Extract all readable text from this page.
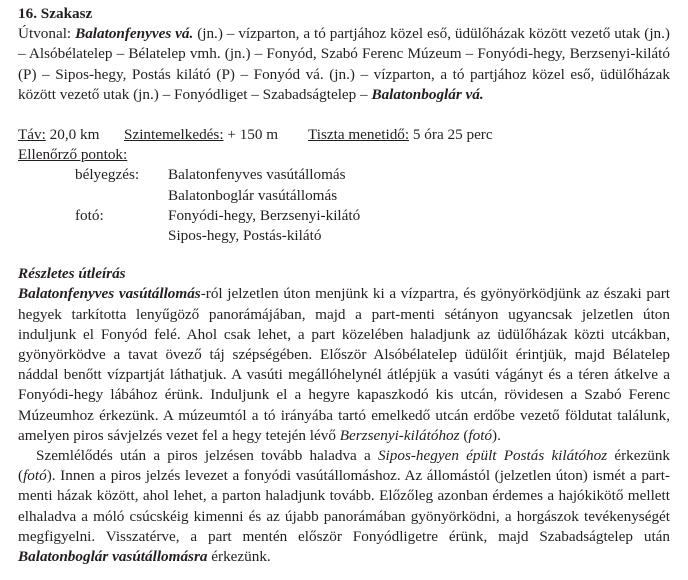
16. Szakasz

Útvonal: Balatonfenyves vá. (jn.) – vízparton, a tó partjához közel eső, üdülőházak között vezető utak (jn.) – Alsóbélatelep – Bélatelep vmh. (jn.) – Fonyód, Szabó Ferenc Múzeum – Fonyódi-hegy, Berzsenyi-kilátó (P) – Sipos-hegy, Postás kilátó (P) – Fonyód vá. (jn.) – vízparton, a tó partjához közel eső, üdülőházak között vezető utak (jn.) – Fonyódliget – Szabadságtelep – Balatonboglár vá.

Táv: 20,0 km Szintemelkedés: + 150 m Tiszta menetidő: 5 óra 25 perc

Ellenőrző pontok:

bélyegzés:	Balatonfenyves vasútállomás
Balatonboglár vasútállomás
fotó:	Fonyódi-hegy, Berzsenyi-kilátó
Sipos-hegy, Postás-kilátó

Részletes útleírás

Balatonfenyves vasútállomás-ról jelzetlen úton menjünk ki a vízpartra, és gyönyörködjünk az északi part hegyek tarkította lenyűgöző panorámájában, majd a part-menti sétányon ugyancsak jelzetlen úton induljunk el Fonyód felé. Ahol csak lehet, a part közelében haladjunk az üdülőházak közti utcákban, gyönyörködve a tavat övező táj szépségében. Először Alsóbélatelep üdülőit érintjük, majd Bélatelep náddal benőtt vízpartját láthatjuk. A vasúti megállóhelynél átlépjük a vasúti vágányt és a téren átkelve a Fonyódi-hegy lábához érünk. Induljunk el a hegyre kapaszkodó kis utcán, rövidesen a Szabó Ferenc Múzeumhoz érkezünk. A múzeumtól a tó irányába tartó emelkedő utcán erdőbe vezető földutat találunk, amelyen piros sávjelzés vezet fel a hegy tetején lévő Berzsenyi-kilátóhoz (fotó).

Szemlélődés után a piros jelzésen tovább haladva a Sipos-hegyen épült Postás kilátóhoz érkezünk (fotó). Innen a piros jelzés levezet a fonyódi vasútállomáshoz. Az állomástól (jelzetlen úton) ismét a part-menti házak között, ahol lehet, a parton haladjunk tovább. Előzőleg azonban érdemes a hajókikötő mellett elhaladva a móló csúcskéig kimenni és az újabb panorámában gyönyörködni, a horgászok tevékenységét megfigyelni. Visszatérve, a part mentén először Fonyódligetre érünk, majd Szabadságtelep után Balatonboglár vasútállomásra érkezünk.
